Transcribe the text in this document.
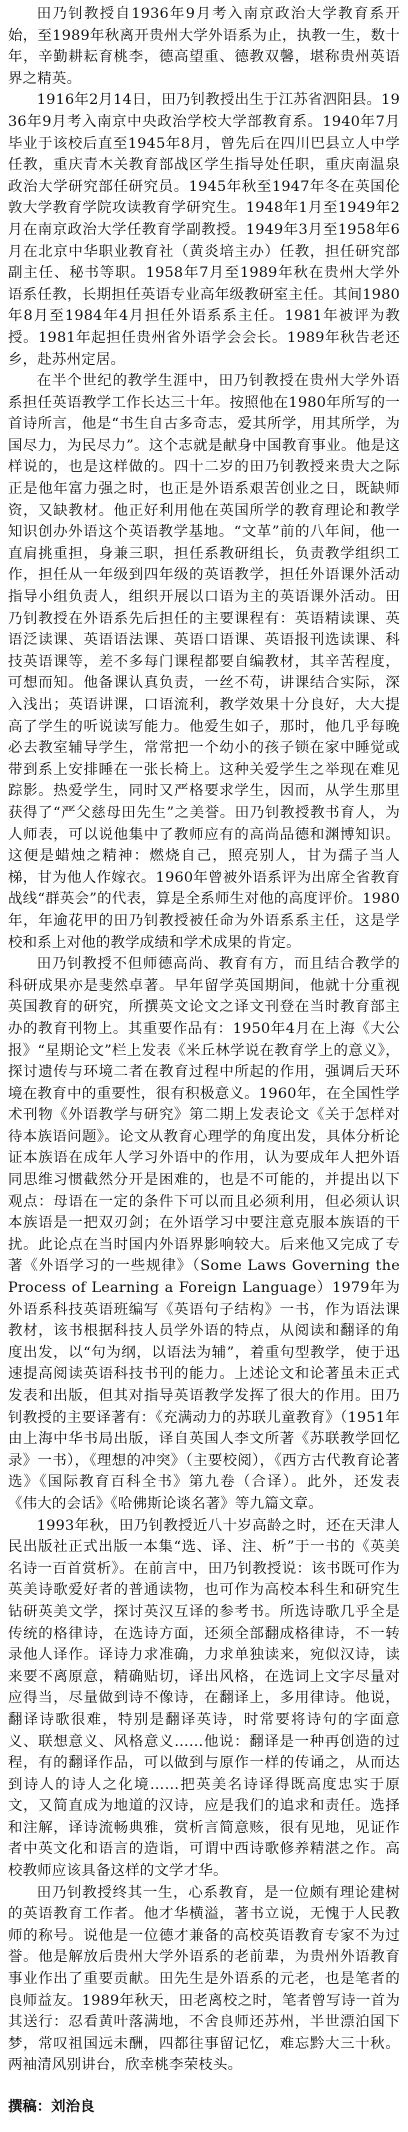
田乃钊教授自1936年9月考入南京政治大学教育系开始，至1989年秋离开贵州大学外语系为止，执教一生，数十年，辛勤耕耘育桃李，德高望重、德教双馨，堪称贵州英语界之精英。

1916年2月14日，田乃钊教授出生于江苏省泗阳县。1936年9月考入南京中央政治学校大学部教育系。1940年7月毕业于该校后直至1945年8月，曾先后在四川巴县立人中学任教，重庆青木关教育部战区学生指导处任职，重庆南温泉政治大学研究部任研究员。1945年秋至1947年冬在英国伦敦大学教育学院攻读教育学研究生。1948年1月至1949年2月在南京政治大学任教育学副教授。1949年3月至1958年6月在北京中华职业教育社（黄炎培主办）任教，担任研究部副主任、秘书等职。1958年7月至1989年秋在贵州大学外语系任教，长期担任英语专业高年级教研室主任。其间1980年8月至1984年4月担任外语系系主任。1981年被评为教授。1981年起担任贵州省外语学会会长。1989年秋告老还乡，赴苏州定居。

在半个世纪的教学生涯中，田乃钊教授在贵州大学外语系担任英语教学工作长达三十年。按照他在1980年所写的一首诗所言，他是“书生自古多奇志，爱其所学，用其所学，为国尽力，为民尽力”。这个志就是献身中国教育事业。他是这样说的，也是这样做的。四十二岁的田乃钊教授来贵大之际正是他年富力强之时，也正是外语系艰苦创业之日，既缺师资，又缺教材。他正好利用他在英国所学的教育理论和教学知识创办外语这个英语教学基地。“文革”前的八年间，他一直肩挑重担，身兼三职，担任系教研组长，负责教学组织工作，担任从一年级到四年级的英语教学，担任外语课外活动指导小组负责人，组织开展以口语为主的英语课外活动。田乃钊教授在外语系先后担任的主要课程有：英语精读课、英语泛读课、英语语法课、英语口语课、英语报刊选读课、科技英语课等，差不多每门课程都要自编教材，其辛苦程度，可想而知。他备课认真负责，一丝不苟，讲课结合实际，深入浅出；英语讲课，口语流利，教学效果十分良好，大大提高了学生的听说读写能力。他爱生如子，那时，他几乎每晚必去教室辅导学生，常常把一个幼小的孩子锁在家中睡觉或带到系上安排睡在一张长椅上。这种关爱学生之举现在难见踪影。热爱学生，同时又严格要求学生，因而，从学生那里获得了“严父慈母田先生”之美誉。田乃钊教授教书育人，为人师表，可以说他集中了教师应有的高尚品德和渊博知识。这便是蜡烛之精神：燃烧自己，照亮别人，甘为孺子当人梯，甘为他人作嫁衣。1960年曾被外语系评为出席全省教育战线“群英会”的代表，算是全系师生对他的高度评价。1980年，年逾花甲的田乃钊教授被任命为外语系系主任，这是学校和系上对他的教学成绩和学术成果的肯定。

田乃钊教授不但师德高尚、教育有方，而且结合教学的科研成果亦是斐然卓著。早年留学英国期间，他就十分重视英国教育的研究，所撰英文论文之译文刊登在当时教育部主办的教育刊物上。其重要作品有：1950年4月在上海《大公报》“星期论文”栏上发表《米丘林学说在教育学上的意义》，探讨遗传与环境二者在教育过程中所起的作用，强调后天环境在教育中的重要性，很有积极意义。1960年，在全国性学术刊物《外语教学与研究》第二期上发表论文《关于怎样对待本族语问题》。论文从教育心理学的角度出发，具体分析论证本族语在成年人学习外语中的作用，认为要成年人把外语同思维习惯截然分开是困难的，也是不可能的，并提出以下观点：母语在一定的条件下可以而且必须利用，但必须认识本族语是一把双刃剑；在外语学习中要注意克服本族语的干扰。此论点在当时国内外语界影响较大。后来他又完成了专著《外语学习的一些规律》（Some Laws Governing the Process of Learning a Foreign Language）1979年为外语系科技英语班编写《英语句子结构》一书，作为语法课教材，该书根据科技人员学外语的特点，从阅读和翻译的角度出发，以“句为纲，以语法为辅”，着重句型教学，使于迅速提高阅读英语科技书刊的能力。上述论文和论著虽未正式发表和出版，但其对指导英语教学发挥了很大的作用。田乃钊教授的主要译著有：《充满动力的苏联儿童教育》（1951年由上海中华书局出版，译自英国人李文所著《苏联教学回忆录》一书），《理想的冲突》（主要校阅），《西方古代教育论著选》《国际教育百科全书》第九卷（合译）。此外，还发表《伟大的会话》《哈佛斯论谈名著》等九篇文章。

1993年秋，田乃钊教授近八十岁高龄之时，还在天津人民出版社正式出版一本集“选、译、注、析”于一书的《英美名诗一百首赏析》。在前言中，田乃钊教授说：该书既可作为英美诗歌爱好者的普通读物，也可作为高校本科生和研究生钻研英美文学，探讨英汉互译的参考书。所选诗歌几乎全是传统的格律诗，在选诗方面，还须全部翻成格律诗，不一转录他人译作。译诗力求准确，力求单独读来，宛似汉诗，读来要不离原意，精确贴切，译出风格，在选词上文字尽量对应得当，尽量做到诗不像诗，在翻译上，多用律诗。他说，翻译诗歌很难，特别是翻译英诗，时常要将诗句的字面意义、联想意义、风格意义……他说：翻译是一种再创造的过程，有的翻译作品，可以做到与原作一样的传诵之，从而达到诗人的诗人之化境……把英美名诗译得既高度忠实于原文，又简直成为地道的汉诗，应是我们的追求和责任。选择和注解，译诗流畅典雅，赏析言简意赅，很有见地，见证作者中英文化和语言的造诣，可谓中西诗歌修养精湛之作。高校教师应该具备这样的文学才华。

田乃钊教授终其一生，心系教育，是一位颇有理论建树的英语教育工作者。他才华横溢，著书立说，无愧于人民教师的称号。说他是一位德才兼备的高校英语教育专家不为过誉。他是解放后贵州大学外语系的老前辈，为贵州外语教育事业作出了重要贡献。田先生是外语系的元老，也是笔者的良师益友。1989年秋天，田老离校之时，笔者曾写诗一首为其送行：忍看黄叶落满地，不舍良师还苏州，半世漂泊国下梦，常叹祖国远未酬，四都往事留记忆，难忘黔大三十秋。两袖清风别讲台，欣幸桃李荣枝头。

撰稿：刘治良
